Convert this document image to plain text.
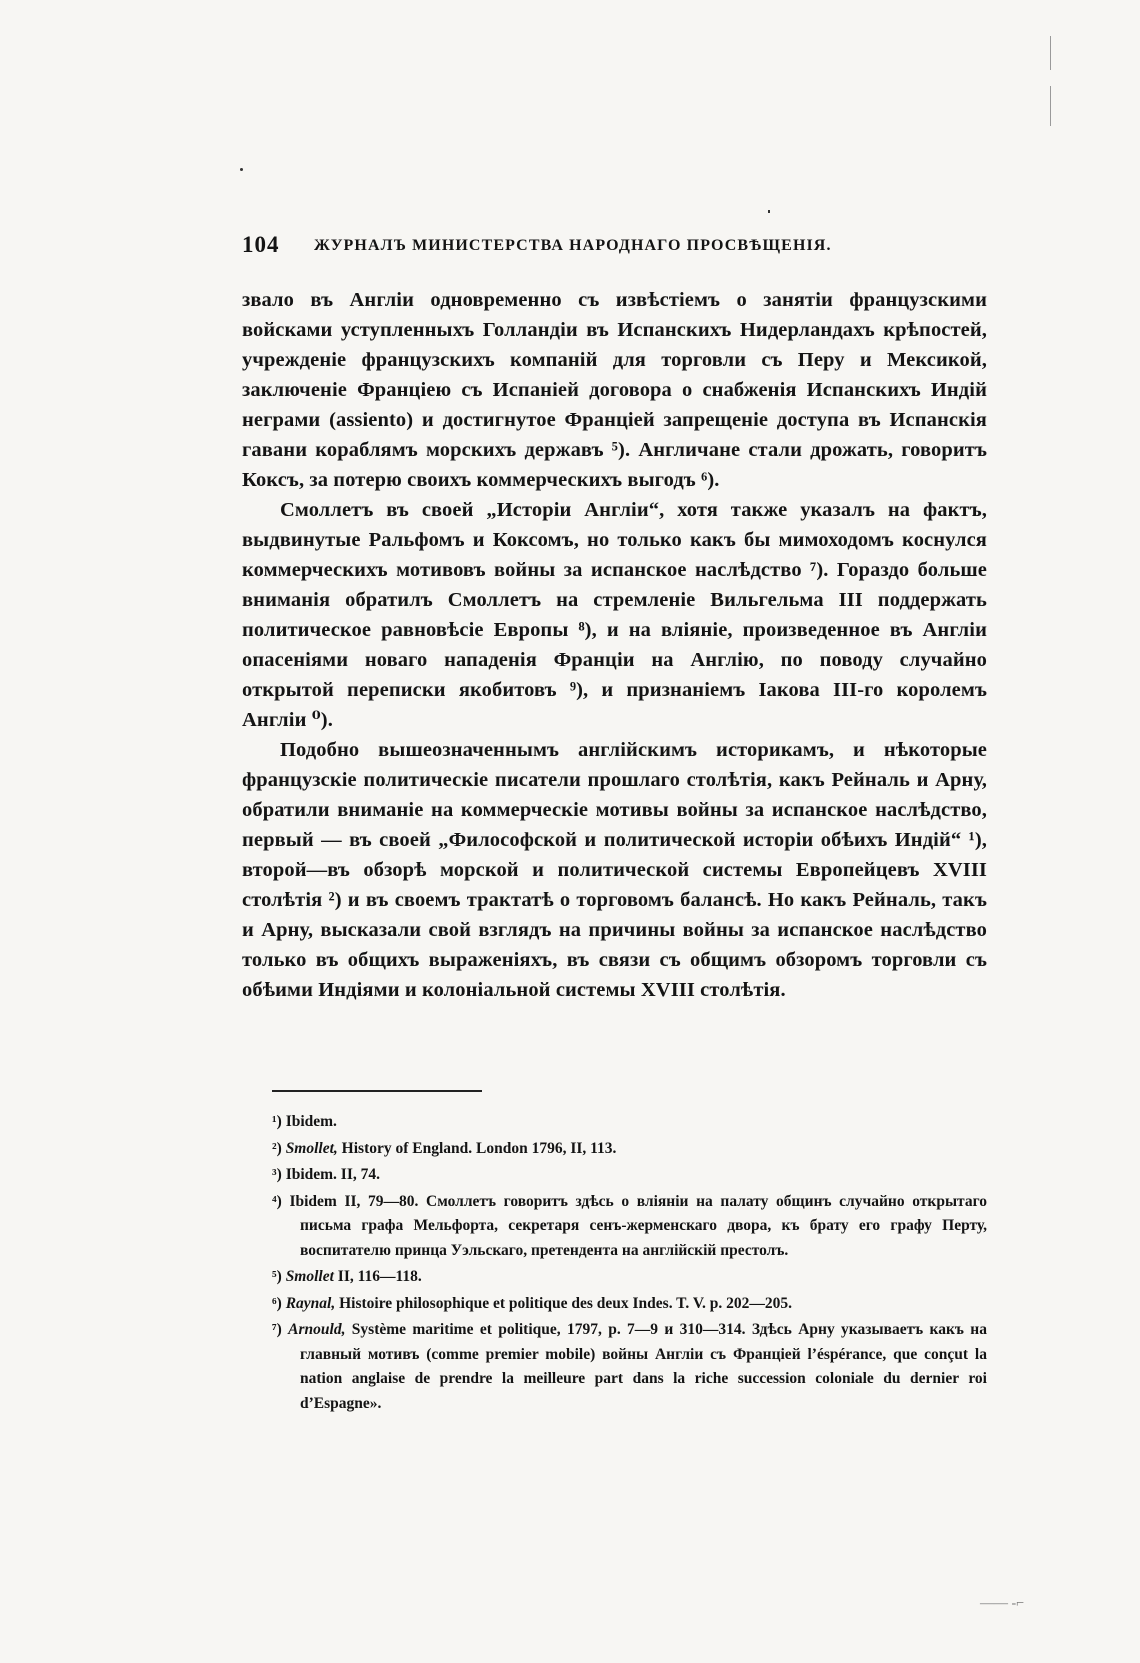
104 ЖУРНАЛЪ МИНИСТЕРСТВА НАРОДНАГО ПРОСВѢЩЕНІЯ.

звало въ Англіи одновременно съ извѣстіемъ о занятіи французскими войсками уступленныхъ Голландіи въ Испанскихъ Нидерландахъ крѣпостей, учрежденіе французскихъ компаній для торговли съ Перу и Мексикой, заключеніе Франціею съ Испаніей договора о снабженія Испанскихъ Индій неграми (assiento) и достигнутое Франціей запрещеніе доступа въ Испанскія гавани кораблямъ морскихъ державъ ⁵). Англичане стали дрожать, говоритъ Коксъ, за потерю своихъ коммерческихъ выгодъ ⁶).

Смоллетъ въ своей „Исторіи Англіи“, хотя также указалъ на фактъ, выдвинутые Ральфомъ и Коксомъ, но только какъ бы мимоходомъ коснулся коммерческихъ мотивовъ войны за испанское наслѣдство ⁷). Гораздо больше вниманія обратилъ Смоллетъ на стремленіе Вильгельма III поддержать политическое равновѣсіе Европы ⁸), и на вліяніе, произведенное въ Англіи опасеніями новаго нападенія Франціи на Англію, по поводу случайно открытой переписки якобитовъ ⁹), и признаніемъ Іакова III-го королемъ Англіи ⁰).

Подобно вышеозначеннымъ англійскимъ историкамъ, и нѣкоторые французскіе политическіе писатели прошлаго столѣтія, какъ Рейналь и Арну, обратили вниманіе на коммерческіе мотивы войны за испанское наслѣдство, первый — въ своей „Философской и политической исторіи обѣихъ Индій“ ¹), второй—въ обзорѣ морской и политической системы Европейцевъ XVIII столѣтія ²) и въ своемъ трактатѣ о торговомъ балансѣ. Но какъ Рейналь, такъ и Арну, высказали свой взглядъ на причины войны за испанское наслѣдство только въ общихъ выраженіяхъ, въ связи съ общимъ обзоромъ торговли съ обѣими Индіями и колоніальной системы XVIII столѣтія.

¹) Ibidem.

²) Smollet, History of England. London 1796, II, 113.

³) Ibidem. II, 74.

⁴) Ibidem II, 79—80. Смоллетъ говоритъ здѣсь о вліяніи на палату общинъ случайно открытаго письма графа Мельфорта, секретаря сенъ-жерменскаго двора, къ брату его графу Перту, воспитателю принца Уэльскаго, претендента на англійскій престолъ.

⁵) Smollet II, 116—118.

⁶) Raynal, Histoire philosophique et politique des deux Indes. T. V. p. 202—205.

⁷) Arnould, Système maritime et politique, 1797, p. 7—9 и 310—314. Здѣсь Арну указываетъ какъ на главный мотивъ (comme premier mobile) войны Англіи съ Франціей l’éspérance, que conçut la nation anglaise de prendre la meilleure part dans la riche succession coloniale du dernier roi d’Espagne».

—— -⌐
